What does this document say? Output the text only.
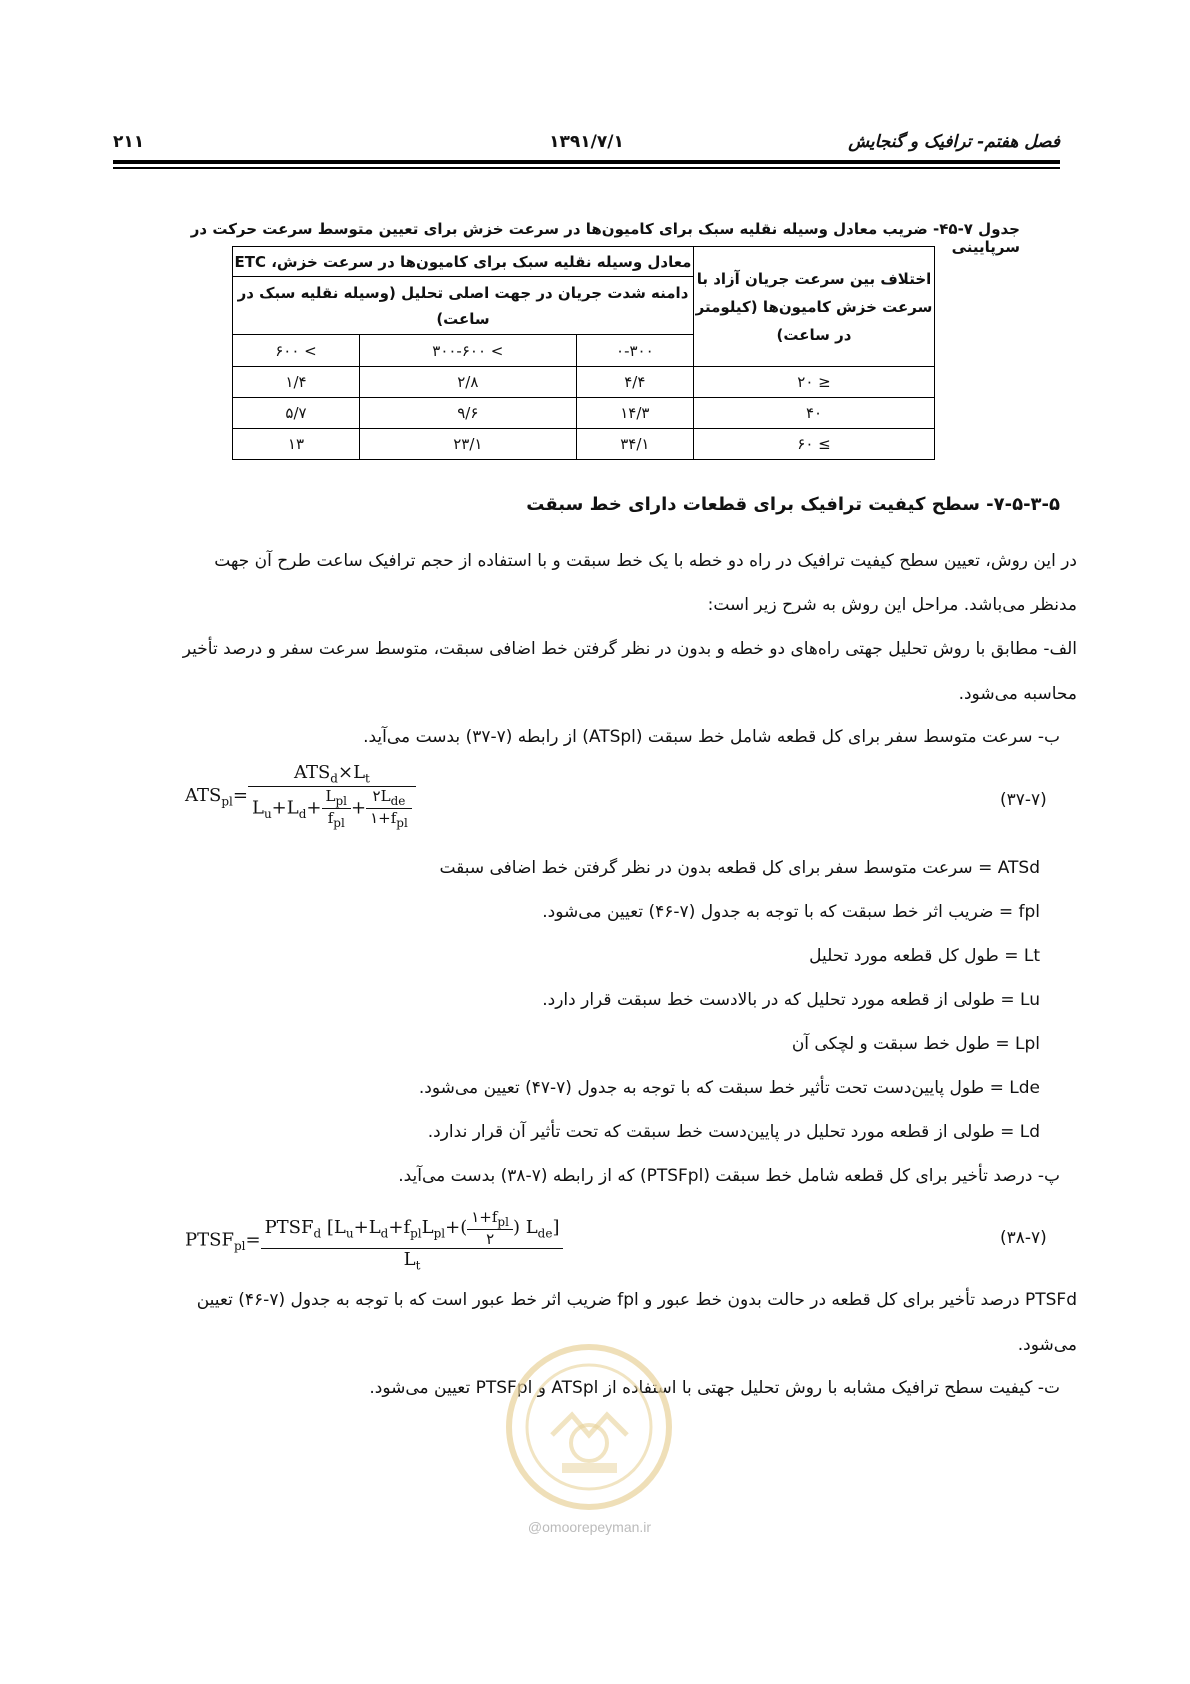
فصل هفتم- ترافیک و گنجایش
۱۳۹۱/۷/۱
۲۱۱
جدول ۷-۴۵- ضریب معادل وسیله نقلیه سبک برای کامیون‌ها در سرعت خزش برای تعیین متوسط سرعت حرکت در سرپایینی
اختلاف بین سرعت جریان آزاد با سرعت خزش کامیون‌ها (کیلومتر در ساعت)	معادل وسیله نقلیه سبک برای کامیون‌ها در سرعت خزش، ETC		
	دامنه شدت جریان در جهت اصلی تحلیل (وسیله نقلیه سبک در ساعت)		
	۰-۳۰۰	> ۳۰۰-۶۰۰	> ۶۰۰
≤ ۲۰	۴/۴	۲/۸	۱/۴
۴۰	۱۴/۳	۹/۶	۵/۷
≥ ۶۰	۳۴/۱	۲۳/۱	۱۳
۷-۵-۳-۵- سطح کیفیت ترافیک برای قطعات دارای خط سبقت
در این روش، تعیین سطح کیفیت ترافیک در راه دو خطه با یک خط سبقت و با استفاده از حجم ترافیک ساعت طرح آن جهت
مدنظر می‌باشد. مراحل این روش به شرح زیر است:
الف- مطابق با روش تحلیل جهتی راه‌های دو خطه و بدون در نظر گرفتن خط اضافی سبقت، متوسط سرعت سفر و درصد تأخیر
محاسبه می‌شود.
ب- سرعت متوسط سفر برای کل قطعه شامل خط سبقت (ATSpl) از رابطه (۷-۳۷) بدست می‌آید.
$ATS_{pl}= \frac{ATS_d\times L_t}{L_u+L_d+ \frac{L_{pl}}{f_{pl}} + \frac{۲L_{de}}{۱+f_{pl}}}$	(۳۷-۷)
ATSd = سرعت متوسط سفر برای کل قطعه بدون در نظر گرفتن خط اضافی سبقت
fpl = ضریب اثر خط سبقت که با توجه به جدول (۷-۴۶) تعیین می‌شود.
Lt = طول کل قطعه مورد تحلیل
Lu = طولی از قطعه مورد تحلیل که در بالادست خط سبقت قرار دارد.
Lpl = طول خط سبقت و لچکی آن
Lde = طول پایین‌دست تحت تأثیر خط سبقت که با توجه به جدول (۷-۴۷) تعیین می‌شود.
Ld = طولی از قطعه مورد تحلیل در پایین‌دست خط سبقت که تحت تأثیر آن قرار ندارد.
پ- درصد تأخیر برای کل قطعه شامل خط سبقت (PTSFpl) که از رابطه (۷-۳۸) بدست می‌آید.
$PTSF_{pl}= \frac{PTSF_d [L_u+L_d+f_{pl}L_{pl}+( \frac{۱+f_{pl}}{۲} ) L_{de}]}{L_t}$	(۳۸-۷)
PTSFd درصد تأخیر برای کل قطعه در حالت بدون خط عبور و fpl ضریب اثر خط عبور است که با توجه به جدول (۷-۴۶) تعیین
می‌شود.
ت- کیفیت سطح ترافیک مشابه با روش تحلیل جهتی با استفاده از ATSpl و PTSFpl تعیین می‌شود.
@omoorepeyman.ir
